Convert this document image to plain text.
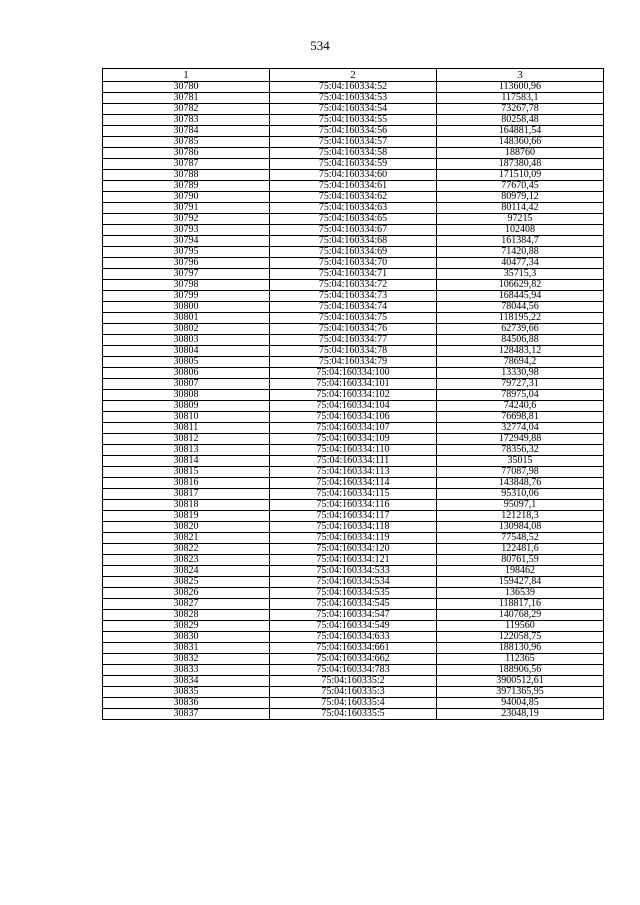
534
1	2	3
30780	75:04:160334:52	113600,96
30781	75:04:160334:53	117583,1
30782	75:04:160334:54	73267,78
30783	75:04:160334:55	80258,48
30784	75:04:160334:56	164881,54
30785	75:04:160334:57	148360,66
30786	75:04:160334:58	188760
30787	75:04:160334:59	187380,48
30788	75:04:160334:60	171510,09
30789	75:04:160334:61	77670,45
30790	75:04:160334:62	80979,12
30791	75:04:160334:63	80114,42
30792	75:04:160334:65	97215
30793	75:04:160334:67	102408
30794	75:04:160334:68	161384,7
30795	75:04:160334:69	71420,88
30796	75:04:160334:70	40477,34
30797	75:04:160334:71	35715,3
30798	75:04:160334:72	106629,82
30799	75:04:160334:73	168445,94
30800	75:04:160334:74	78044,56
30801	75:04:160334:75	118195,22
30802	75:04:160334:76	62739,66
30803	75:04:160334:77	84506,88
30804	75:04:160334:78	128483,12
30805	75:04:160334:79	78694,2
30806	75:04:160334:100	13330,98
30807	75:04:160334:101	79727,31
30808	75:04:160334:102	78975,04
30809	75:04:160334:104	74240,6
30810	75:04:160334:106	76698,81
30811	75:04:160334:107	32774,04
30812	75:04:160334:109	172949,88
30813	75:04:160334:110	78356,32
30814	75:04:160334:111	35015
30815	75:04:160334:113	77087,98
30816	75:04:160334:114	143848,76
30817	75:04:160334:115	95310,06
30818	75:04:160334:116	95097,1
30819	75:04:160334:117	121218,3
30820	75:04:160334:118	130984,08
30821	75:04:160334:119	77548,52
30822	75:04:160334:120	122481,6
30823	75:04:160334:121	80761,59
30824	75:04:160334:533	198462
30825	75:04:160334:534	159427,84
30826	75:04:160334:535	136539
30827	75:04:160334:545	118817,16
30828	75:04:160334:547	140768,29
30829	75:04:160334:549	119560
30830	75:04:160334:633	122058,75
30831	75:04:160334:661	188130,96
30832	75:04:160334:662	112365
30833	75:04:160334:783	188906,56
30834	75:04:160335:2	3900512,61
30835	75:04:160335:3	3971365,95
30836	75:04:160335:4	94004,85
30837	75:04:160335:5	23048,19
